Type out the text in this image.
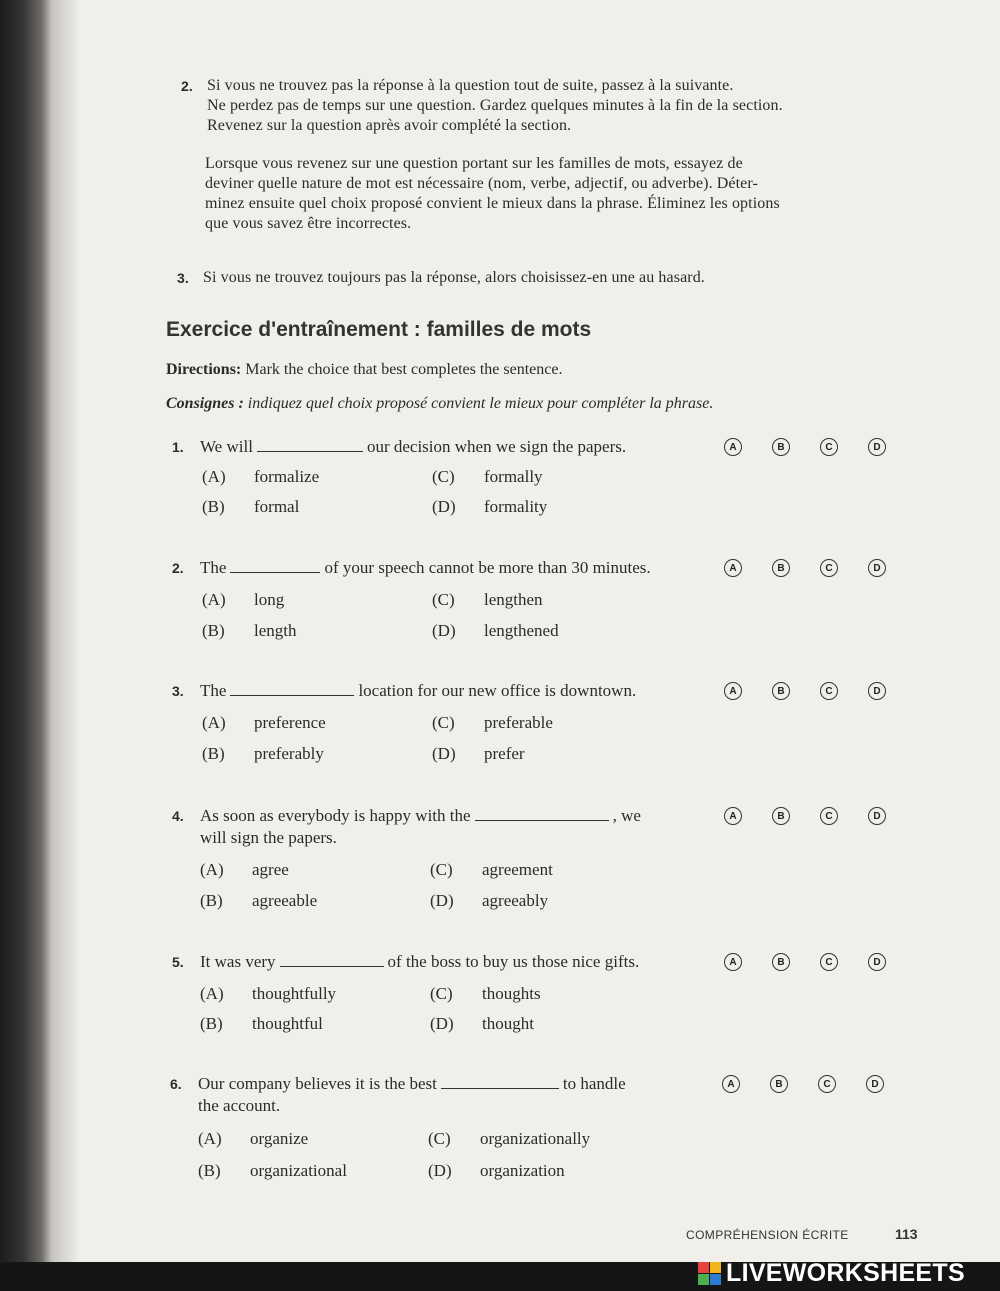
2. Si vous ne trouvez pas la réponse à la question tout de suite, passez à la suivante.
Ne perdez pas de temps sur une question. Gardez quelques minutes à la fin de la section.
Revenez sur la question après avoir complété la section.
Lorsque vous revenez sur une question portant sur les familles de mots, essayez de
deviner quelle nature de mot est nécessaire (nom, verbe, adjectif, ou adverbe). Déter-
minez ensuite quel choix proposé convient le mieux dans la phrase. Éliminez les options
que vous savez être incorrectes.
3. Si vous ne trouvez toujours pas la réponse, alors choisissez-en une au hasard.
Exercice d'entraînement : familles de mots
Directions: Mark the choice that best completes the sentence.
Consignes : indiquez quel choix proposé convient le mieux pour compléter la phrase.
1. We will	our decision when we sign the papers.	A	B	C	D
(A) formalize
(B) formal
(C) formally
(D) formality
2. The	of your speech cannot be more than 30 minutes.	A	B	C	D
(A) long
(B) length
(C) lengthen
(D) lengthened
3. The	location for our new office is downtown.	A	B	C	D
(A) preference
(B) preferably
(C) preferable
(D) prefer
4. As soon as everybody is happy with the	, we
will sign the papers.
A	B	C	D
(A) agree
(B) agreeable
(C) agreement
(D) agreeably
5. It was very	of the boss to buy us those nice gifts.	A	B	C	D
(A) thoughtfully
(B) thoughtful
(C) thoughts
(D) thought
6. Our company believes it is the best	to handle
the account.
A	B	C	D
(A) organize
(B) organizational
(C) organizationally
(D) organization
COMPRÉHENSION ÉCRITE	113
LIVEWORKSHEETS
